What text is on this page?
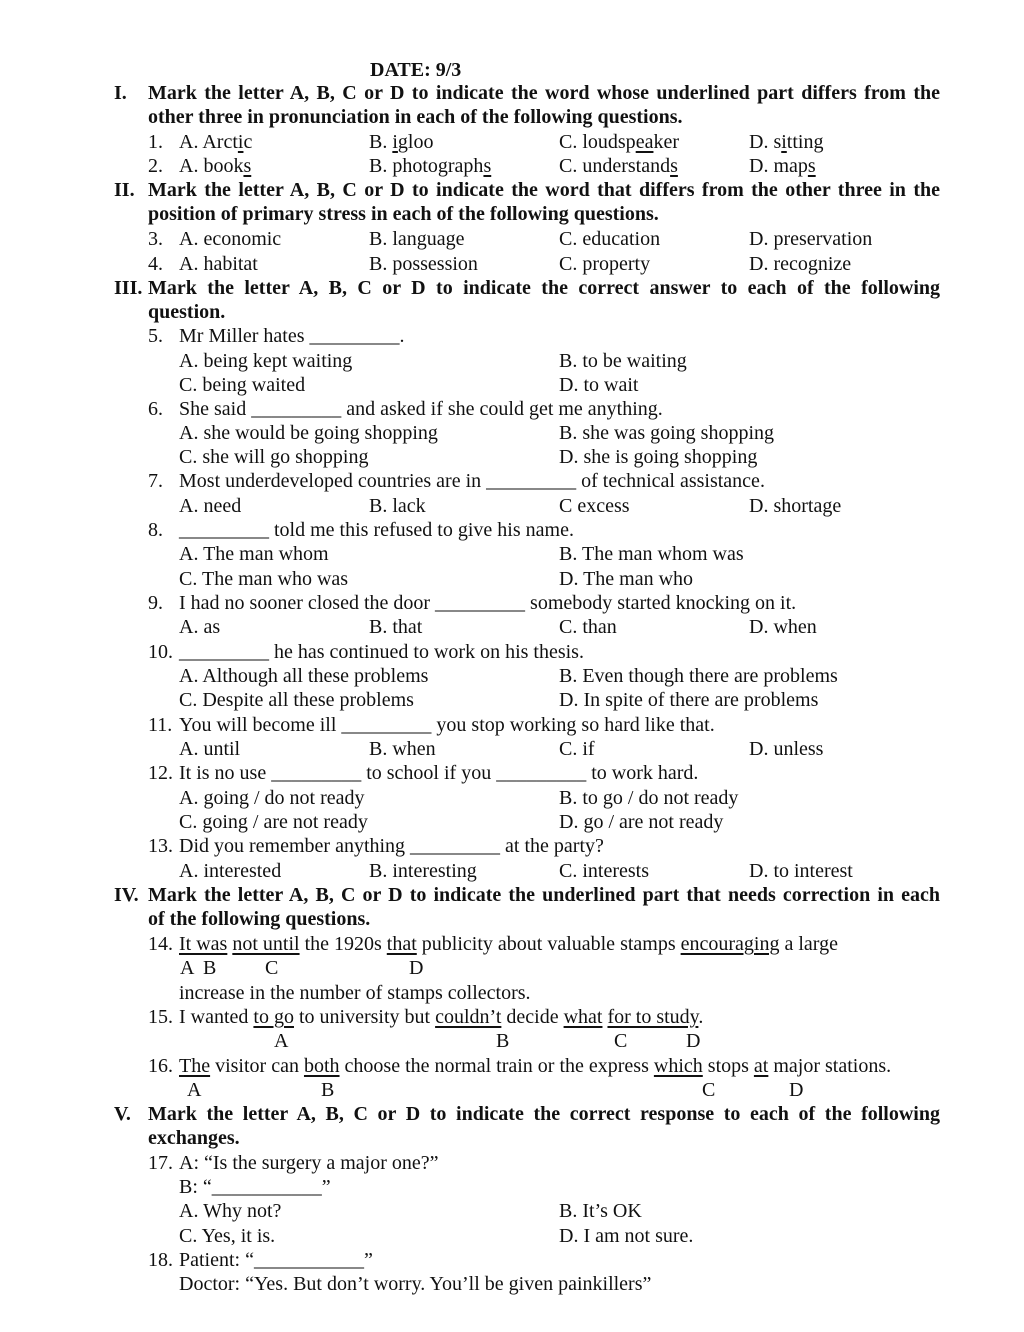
DATE: 9/3
I. Mark the letter A, B, C or D to indicate the word whose underlined part differs from the
other three in pronunciation in each of the following questions.
1. A. Arctic	B. igloo	C. loudspeaker	D. sitting
2. A. books	B. photographs	C. understands	D. maps
II. Mark the letter A, B, C or D to indicate the word that differs from the other three in the
position of primary stress in each of the following questions.
3. A. economic	B. language	C. education	D. preservation
4. A. habitat	B. possession	C. property	D. recognize
III. Mark the letter A, B, C or D to indicate the correct answer to each of the following
question.
5. Mr Miller hates _________.
A. being kept waiting	B. to be waiting
C. being waited	D. to wait
6. She said _________ and asked if she could get me anything.
A. she would be going shopping	B. she was going shopping
C. she will go shopping	D. she is going shopping
7. Most underdeveloped countries are in _________ of technical assistance.
A. need	B. lack	C excess	D. shortage
8. _________ told me this refused to give his name.
A. The man whom	B. The man whom was
C. The man who was	D. The man who
9. I had no sooner closed the door _________ somebody started knocking on it.
A. as	B. that	C. than	D. when
10. _________ he has continued to work on his thesis.
A. Although all these problems	B. Even though there are problems
C. Despite all these problems	D. In spite of there are problems
11. You will become ill _________ you stop working so hard like that.
A. until	B. when	C. if	D. unless
12. It is no use _________ to school if you _________ to work hard.
A. going / do not ready	B. to go / do not ready
C. going / are not ready	D. go / are not ready
13. Did you remember anything _________ at the party?
A. interested	B. interesting	C. interests	D. to interest
IV. Mark the letter A, B, C or D to indicate the underlined part that needs correction in each
of the following questions.
14. It was not until the 1920s that publicity about valuable stamps encouraging a large
A B C	D
increase in the number of stamps collectors.
15. I wanted to go to university but couldn’t decide what for to study.
A	B	C	D
16. The visitor can both choose the normal train or the express which stops at major stations.
A	B	C	D
V. Mark the letter A, B, C or D to indicate the correct response to each of the following
exchanges.
17. A: “Is the surgery a major one?”
B: “___________”
A. Why not?	B. It’s OK
C. Yes, it is.	D. I am not sure.
18. Patient: “___________”
Doctor: “Yes. But don’t worry. You’ll be given painkillers”
